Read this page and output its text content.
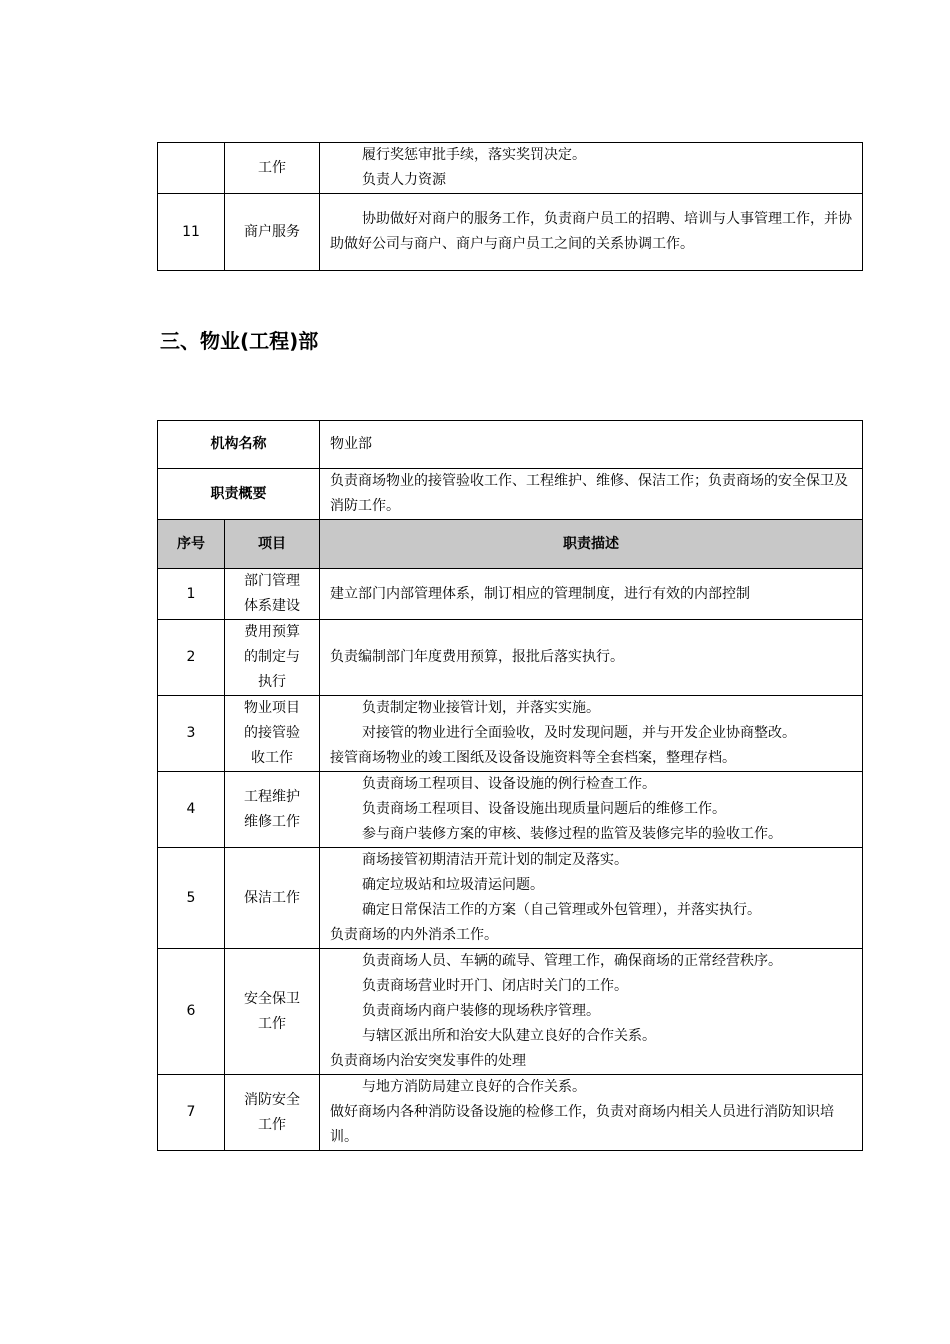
	工作	履行奖惩审批手续，落实奖罚决定。
负责人力资源

11	商户服务	协助做好对商户的服务工作，负责商户员工的招聘、培训与人事管理工作，并协助做好公司与商户、商户与商户员工之间的关系协调工作。
三、物业(工程)部
机构名称		物业部
职责概要		负责商场物业的接管验收工作、工程维护、维修、保洁工作；负责商场的安全保卫及消防工作。
序号	项目	职责描述
1	部门管理体系建设	建立部门内部管理体系，制订相应的管理制度，进行有效的内部控制

2	费用预算的制定与执行	负责编制部门年度费用预算，报批后落实执行。

3	物业项目的接管验收工作	负责制定物业接管计划，并落实实施。
对接管的物业进行全面验收，及时发现问题，并与开发企业协商整改。
接管商场物业的竣工图纸及设备设施资料等全套档案，整理存档。

4	工程维护维修工作	负责商场工程项目、设备设施的例行检查工作。
负责商场工程项目、设备设施出现质量问题后的维修工作。
参与商户装修方案的审核、装修过程的监管及装修完毕的验收工作。

5	保洁工作	商场接管初期清洁开荒计划的制定及落实。
确定垃圾站和垃圾清运问题。
确定日常保洁工作的方案（自己管理或外包管理），并落实执行。
负责商场的内外消杀工作。

6	安全保卫工作	负责商场人员、车辆的疏导、管理工作，确保商场的正常经营秩序。
负责商场营业时开门、闭店时关门的工作。
负责商场内商户装修的现场秩序管理。
与辖区派出所和治安大队建立良好的合作关系。
负责商场内治安突发事件的处理

7	消防安全工作	与地方消防局建立良好的合作关系。
做好商场内各种消防设备设施的检修工作，负责对商场内相关人员进行消防知识培训。
